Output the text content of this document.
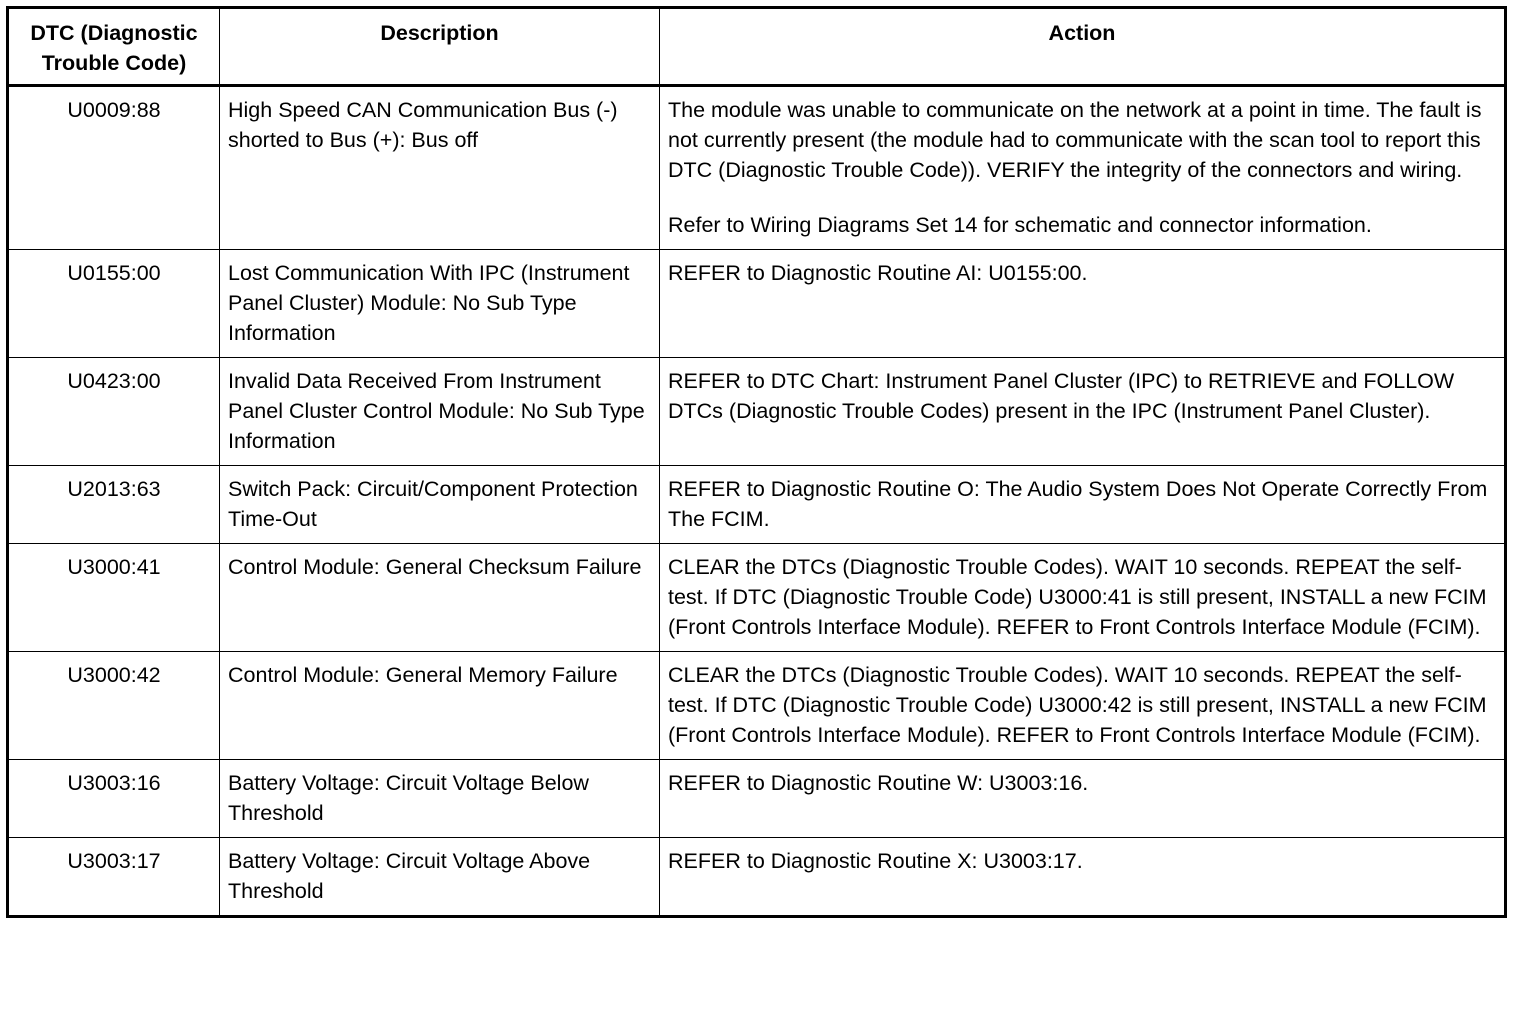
DTC (Diagnostic Trouble Code)	Description	Action
U0009:88	High Speed CAN Communication Bus (-) shorted to Bus (+): Bus off	The module was unable to communicate on the network at a point in time. The fault is not currently present (the module had to communicate with the scan tool to report this DTC (Diagnostic Trouble Code)). VERIFY the integrity of the connectors and wiring.

Refer to Wiring Diagrams Set 14 for schematic and connector information.

U0155:00	Lost Communication With IPC (Instrument Panel Cluster) Module: No Sub Type Information	REFER to Diagnostic Routine AI: U0155:00.

U0423:00	Invalid Data Received From Instrument Panel Cluster Control Module: No Sub Type Information	REFER to DTC Chart: Instrument Panel Cluster (IPC) to RETRIEVE and FOLLOW DTCs (Diagnostic Trouble Codes) present in the IPC (Instrument Panel Cluster).

U2013:63	Switch Pack: Circuit/Component Protection Time-Out	REFER to Diagnostic Routine O: The Audio System Does Not Operate Correctly From The FCIM.

U3000:41	Control Module: General Checksum Failure	CLEAR the DTCs (Diagnostic Trouble Codes). WAIT 10 seconds. REPEAT the self-test. If DTC (Diagnostic Trouble Code) U3000:41 is still present, INSTALL a new FCIM (Front Controls Interface Module). REFER to Front Controls Interface Module (FCIM).

U3000:42	Control Module: General Memory Failure	CLEAR the DTCs (Diagnostic Trouble Codes). WAIT 10 seconds. REPEAT the self-test. If DTC (Diagnostic Trouble Code) U3000:42 is still present, INSTALL a new FCIM (Front Controls Interface Module). REFER to Front Controls Interface Module (FCIM).

U3003:16	Battery Voltage: Circuit Voltage Below Threshold	REFER to Diagnostic Routine W: U3003:16.

U3003:17	Battery Voltage: Circuit Voltage Above Threshold	REFER to Diagnostic Routine X: U3003:17.
